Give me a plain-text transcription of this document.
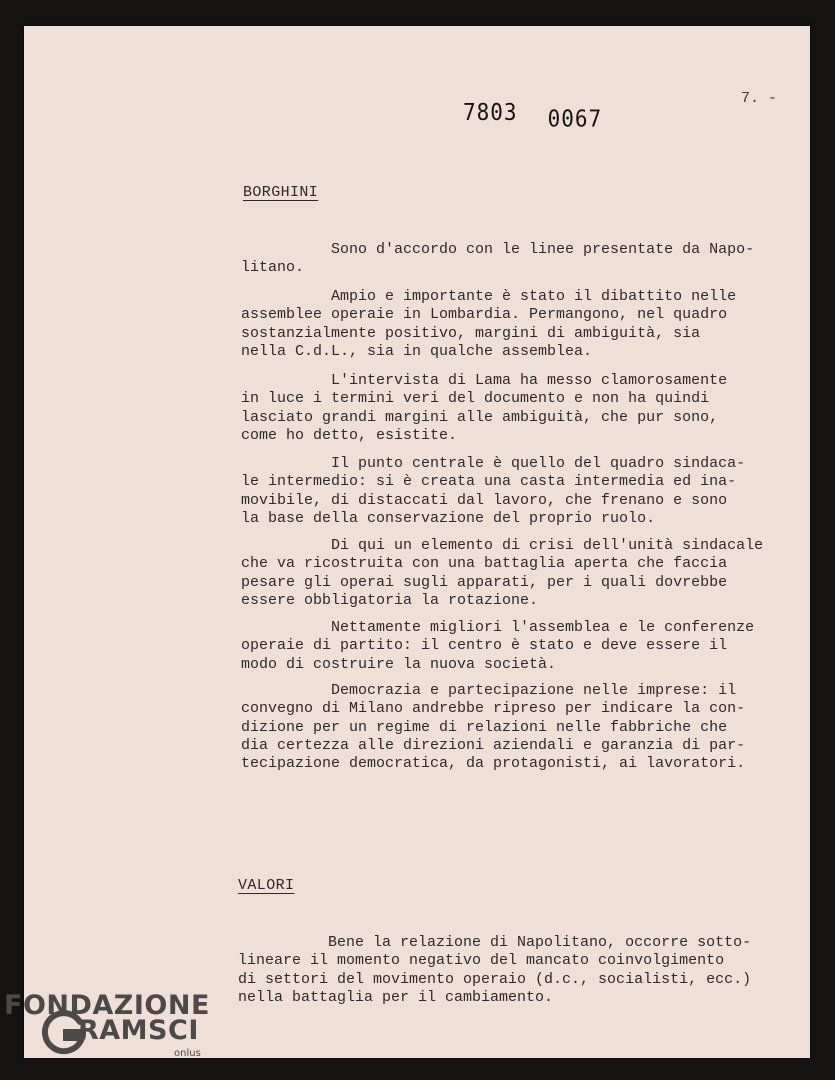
7803 0067
7. -
BORGHINI

Sono d'accordo con le linee presentate da Napo-
litano.

Ampio e importante è stato il dibattito nelle
assemblee operaie in Lombardia. Permangono, nel quadro
sostanzialmente positivo, margini di ambiguità, sia
nella C.d.L., sia in qualche assemblea.

L'intervista di Lama ha messo clamorosamente
in luce i termini veri del documento e non ha quindi
lasciato grandi margini alle ambiguità, che pur sono,
come ho detto, esistite.

Il punto centrale è quello del quadro sindaca-
le intermedio: si è creata una casta intermedia ed ina-
movibile, di distaccati dal lavoro, che frenano e sono
la base della conservazione del proprio ruolo.

Di qui un elemento di crisi dell'unità sindacale
che va ricostruita con una battaglia aperta che faccia
pesare gli operai sugli apparati, per i quali dovrebbe
essere obbligatoria la rotazione.

Nettamente migliori l'assemblea e le conferenze
operaie di partito: il centro è stato e deve essere il
modo di costruire la nuova società.

Democrazia e partecipazione nelle imprese: il
convegno di Milano andrebbe ripreso per indicare la con-
dizione per un regime di relazioni nelle fabbriche che
dia certezza alle direzioni aziendali e garanzia di par-
tecipazione democratica, da protagonisti, ai lavoratori.

VALORI

Bene la relazione di Napolitano, occorre sotto-
lineare il momento negativo del mancato coinvolgimento
di settori del movimento operaio (d.c., socialisti, ecc.)
nella battaglia per il cambiamento.

FONDAZIONE
RAMSCI
onlus
